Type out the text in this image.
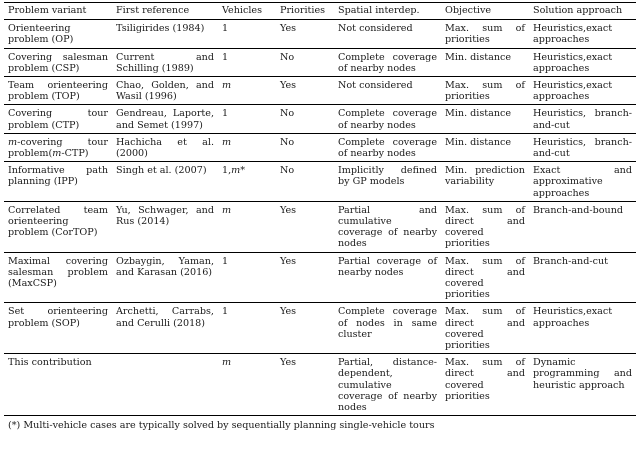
Problem variant	First reference	Vehicles	Priorities	Spatial interdep.	Objective	Solution approach
Orienteering problem (OP)	Tsiligirides (1984)	1	Yes	Not considered	Max. sum of priorities	Heuristics,exact approaches
Covering salesman problem (CSP)	Current and Schilling (1989)	1	No	Complete coverage of nearby nodes	Min. distance	Heuristics,exact approaches
Team orienteering problem (TOP)	Chao, Golden, and Wasil (1996)	m	Yes	Not considered	Max. sum of priorities	Heuristics,exact approaches
Covering tour problem (CTP)	Gendreau, Laporte, and Semet (1997)	1	No	Complete coverage of nearby nodes	Min. distance	Heuristics, branch-and-cut
m-covering tour problem(m-CTP)	Hachicha et al. (2000)	m	No	Complete coverage of nearby nodes	Min. distance	Heuristics, branch-and-cut
Informative path planning (IPP)	Singh et al. (2007)	1,m*	No	Implicitly defined by GP models	Min. prediction variability	Exact and approximative approaches
Correlated team orienteering problem (CorTOP)	Yu, Schwager, and Rus (2014)	m	Yes	Partial and cumulative coverage of nearby nodes	Max. sum of direct and covered priorities	Branch-and-bound
Maximal covering salesman problem (MaxCSP)	Ozbaygin, Yaman, and Karasan (2016)	1	Yes	Partial coverage of nearby nodes	Max. sum of direct and covered priorities	Branch-and-cut
Set orienteering problem (SOP)	Archetti, Carrabs, and Cerulli (2018)	1	Yes	Complete coverage of nodes in same cluster	Max. sum of direct and covered priorities	Heuristics,exact approaches
This contribution		m	Yes	Partial, distance-dependent, cumulative coverage of nearby nodes	Max. sum of direct and covered priorities	Dynamic programming and heuristic approach
(*) Multi-vehicle cases are typically solved by sequentially planning single-vehicle tours
